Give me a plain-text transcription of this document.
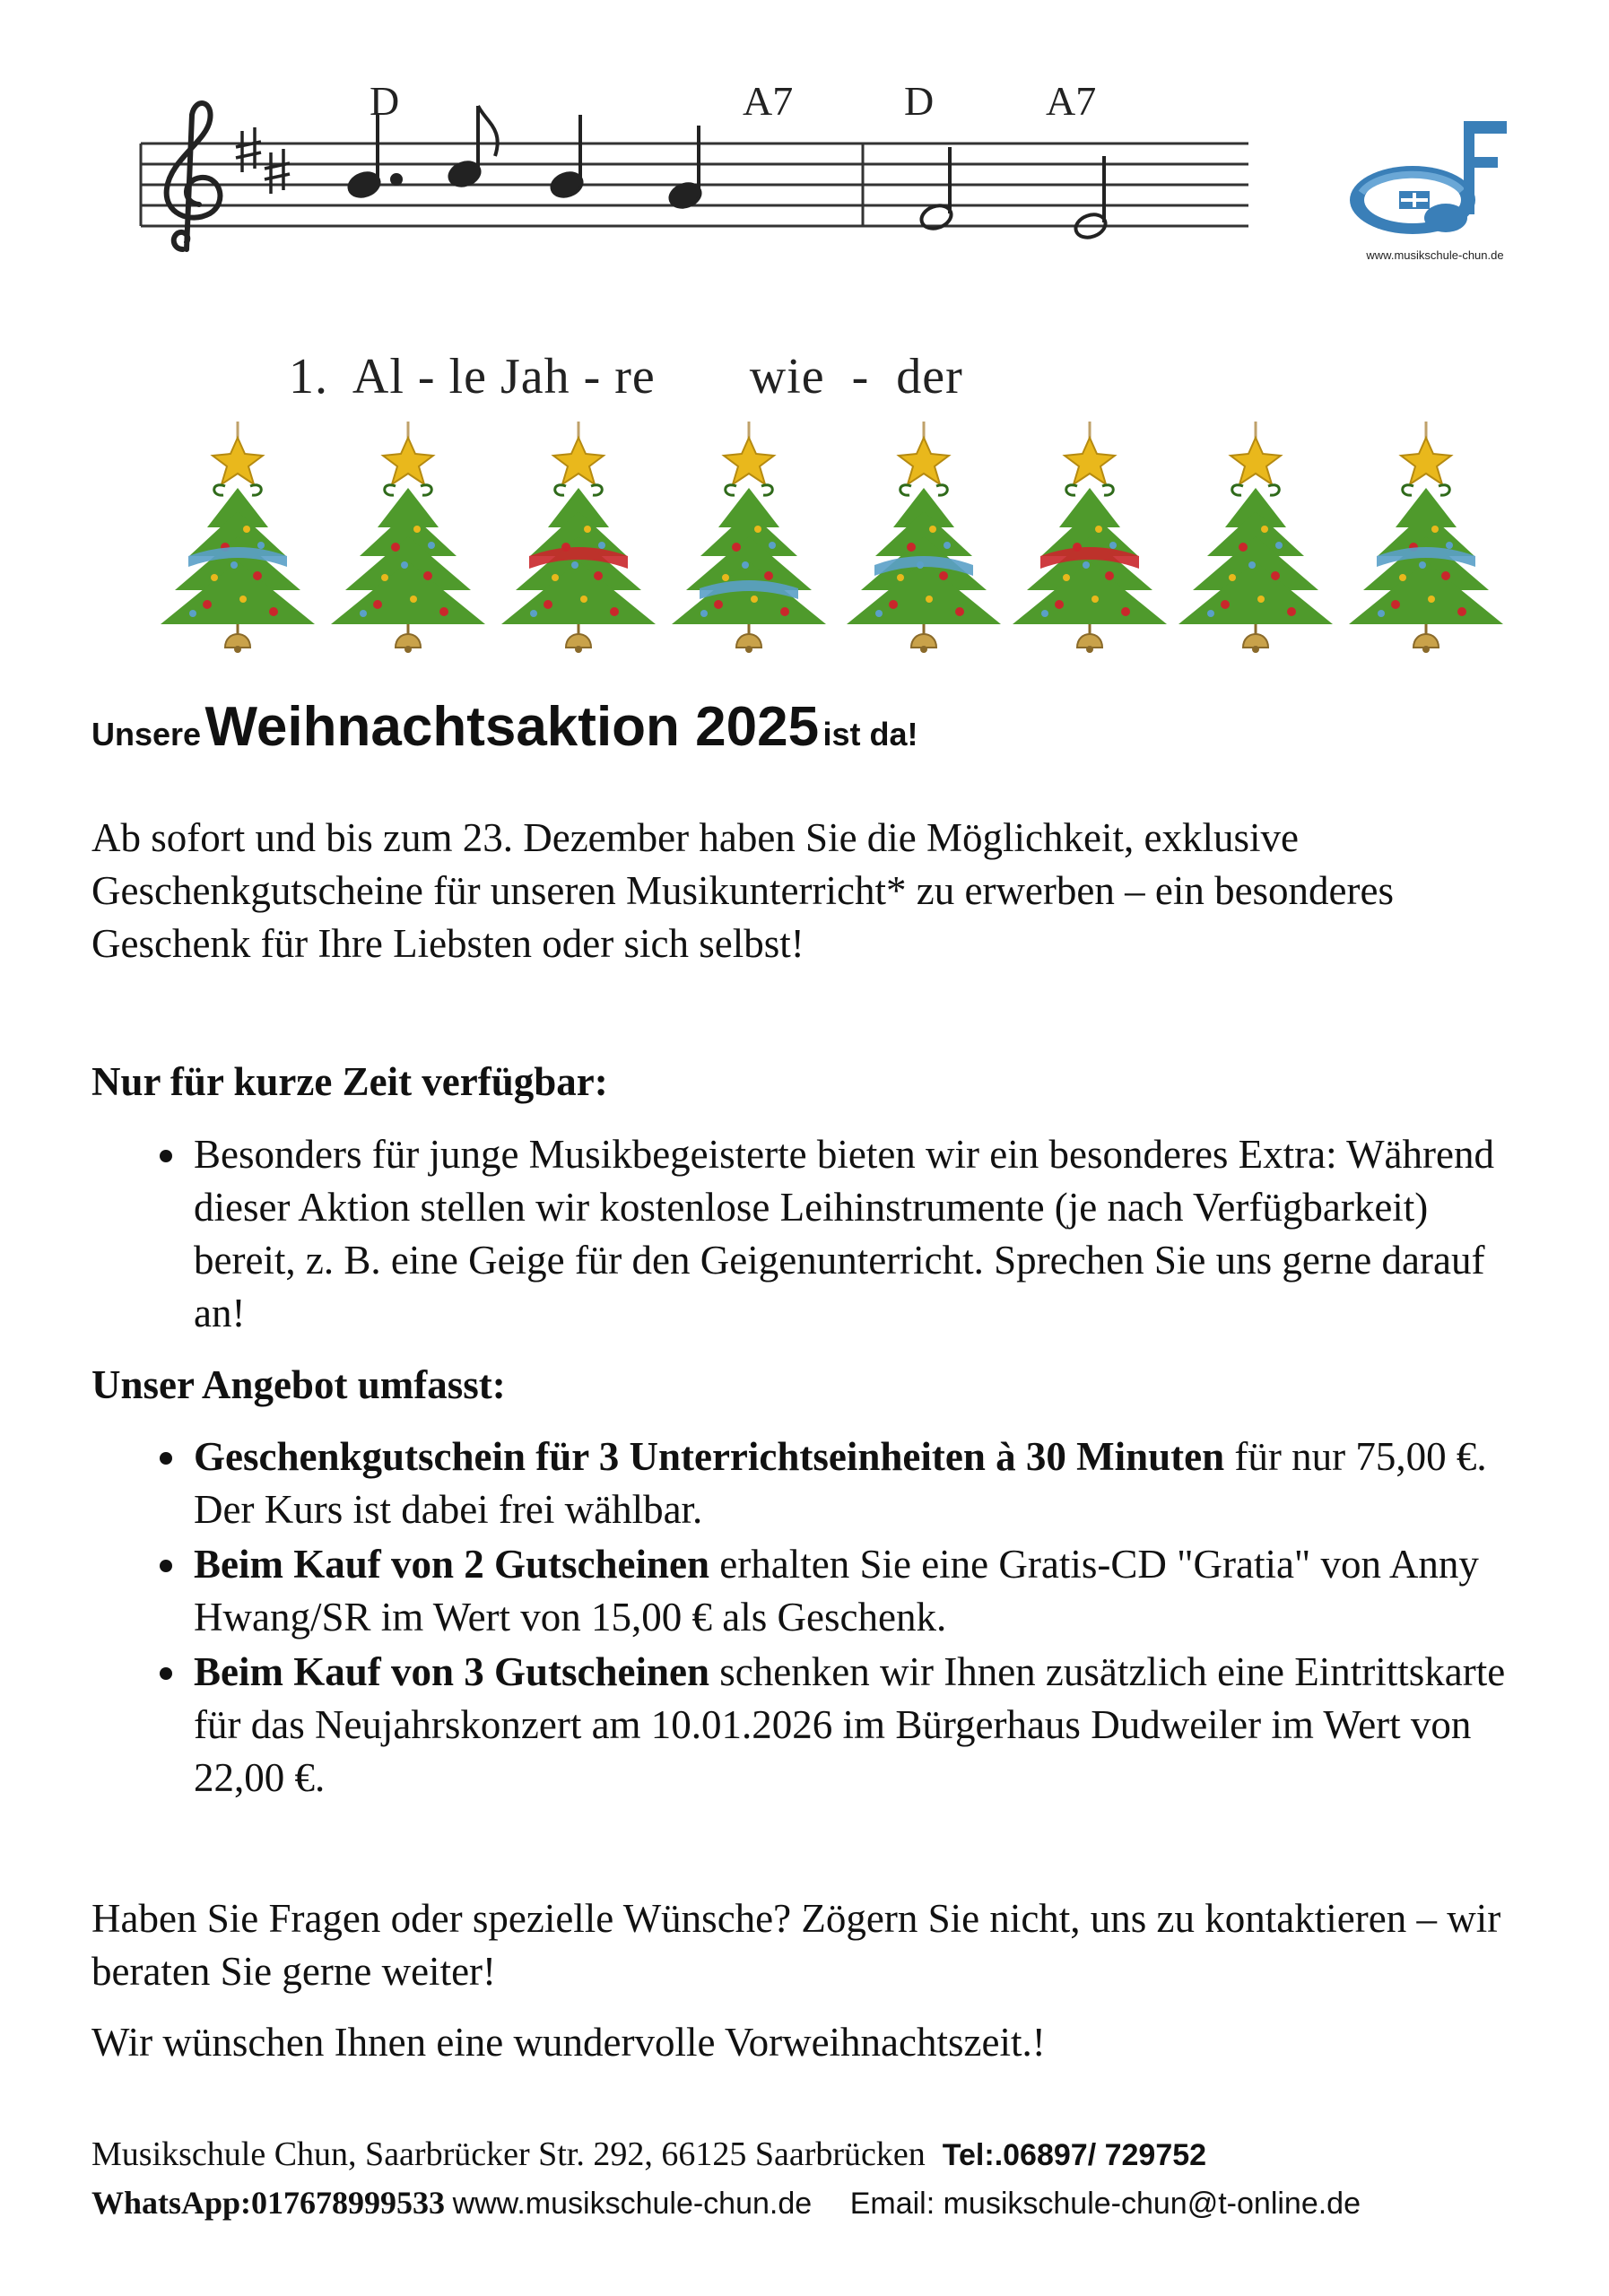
D	A7	D	A7
1.  Al - le Jah - re       wie  -  der
www.musikschule-chun.de
Unsere Weihnachtsaktion 2025 ist da!
Ab sofort und bis zum 23. Dezember haben Sie die Möglichkeit, exklusive Geschenkgutscheine für unseren Musikunterricht* zu erwerben – ein besonderes Geschenk für Ihre Liebsten oder sich selbst!
Nur für kurze Zeit verfügbar:
Besonders für junge Musikbegeisterte bieten wir ein besonderes Extra: Während dieser Aktion stellen wir kostenlose Leihinstrumente (je nach Verfügbarkeit) bereit, z. B. eine Geige für den Geigenunterricht. Sprechen Sie uns gerne darauf an!
Unser Angebot umfasst:
Geschenkgutschein für 3 Unterrichtseinheiten à 30 Minuten für nur 75,00 €. Der Kurs ist dabei frei wählbar.
Beim Kauf von 2 Gutscheinen erhalten Sie eine Gratis-CD "Gratia" von Anny Hwang/SR im Wert von 15,00 € als Geschenk.
Beim Kauf von 3 Gutscheinen schenken wir Ihnen zusätzlich eine Eintrittskarte für das Neujahrskonzert am 10.01.2026 im Bürgerhaus Dudweiler im Wert von 22,00 €.
Haben Sie Fragen oder spezielle Wünsche? Zögern Sie nicht, uns zu kontaktieren – wir beraten Sie gerne weiter!
Wir wünschen Ihnen eine wundervolle Vorweihnachtszeit.!
Musikschule Chun, Saarbrücker Str. 292, 66125 Saarbrücken Tel:.06897/ 729752
WhatsApp:017678999533 www.musikschule-chun.de Email: musikschule-chun@t-online.de
